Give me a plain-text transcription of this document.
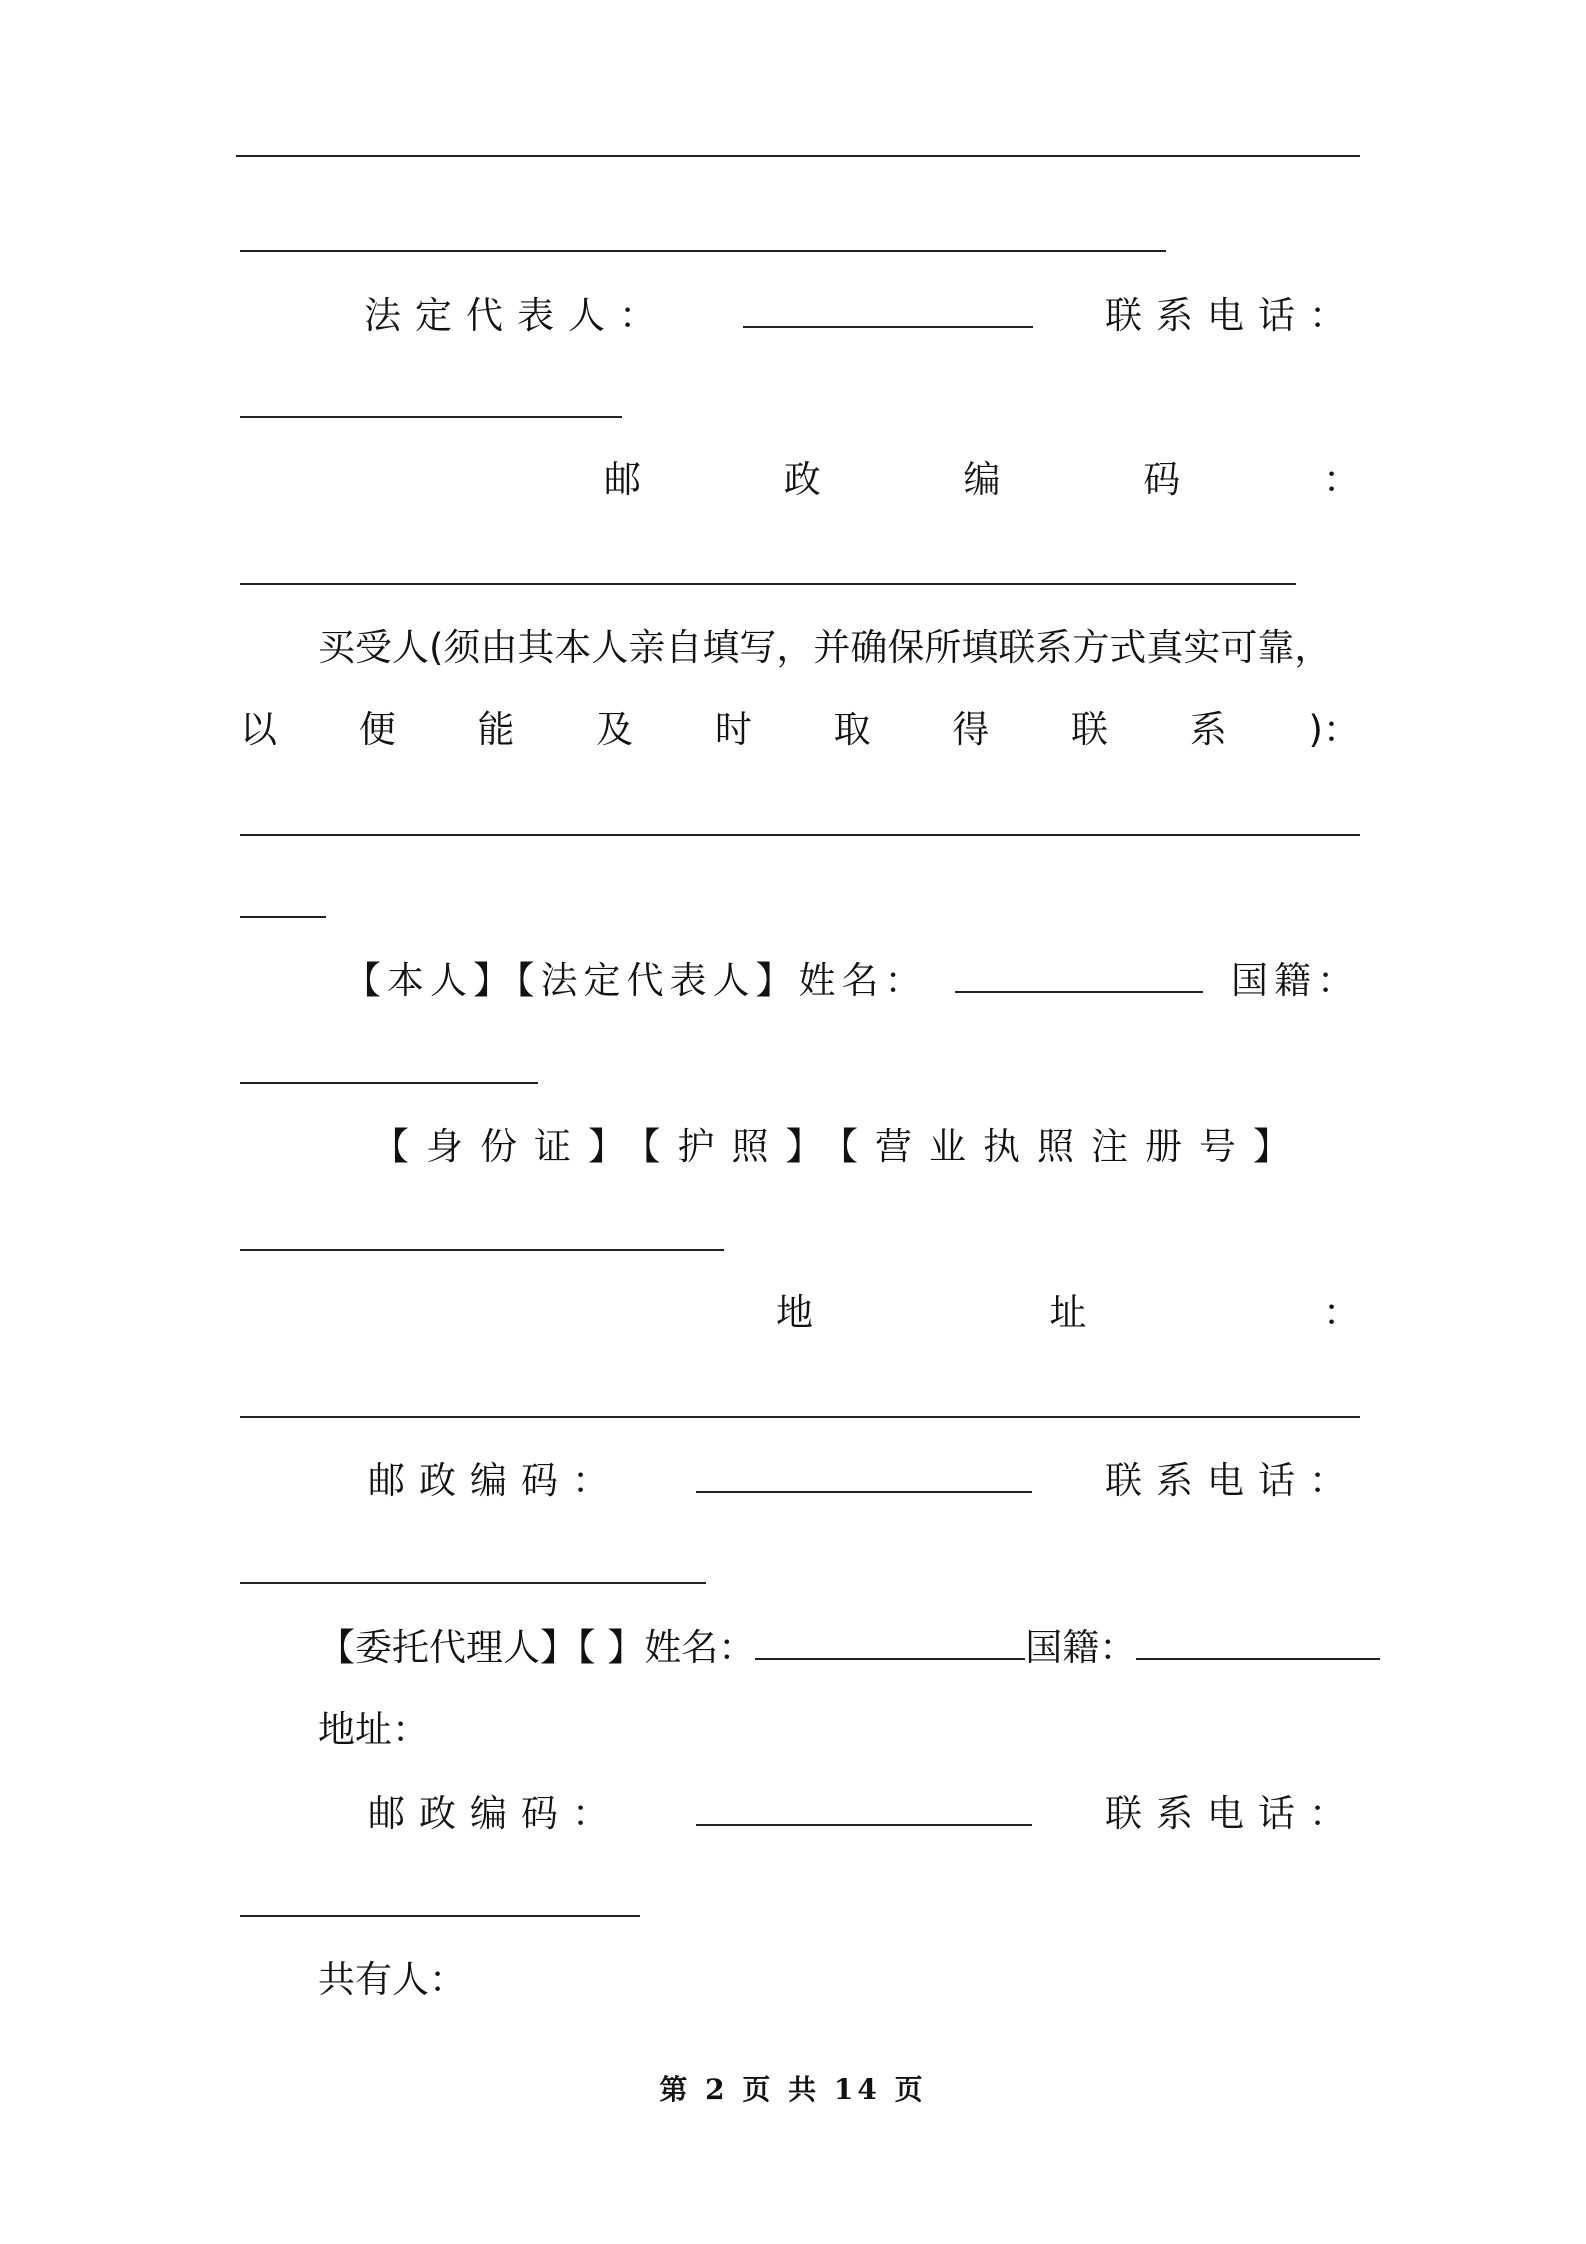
法定代表人：	联系电话：
邮	政	编	码	：
买受人(须由其本人亲自填写，并确保所填联系方式真实可靠，
以 便 能 及 时 取 得 联 系 )：
【本人】【法定代表人】姓名：	国籍：
【身份证】【护照】【营业执照注册号】
地	址	：
邮政编码：	联系电话：
【委托代理人】【 】姓名：	国籍：
地址：
邮政编码：	联系电话：
共有人：
第 2 页 共 14 页
